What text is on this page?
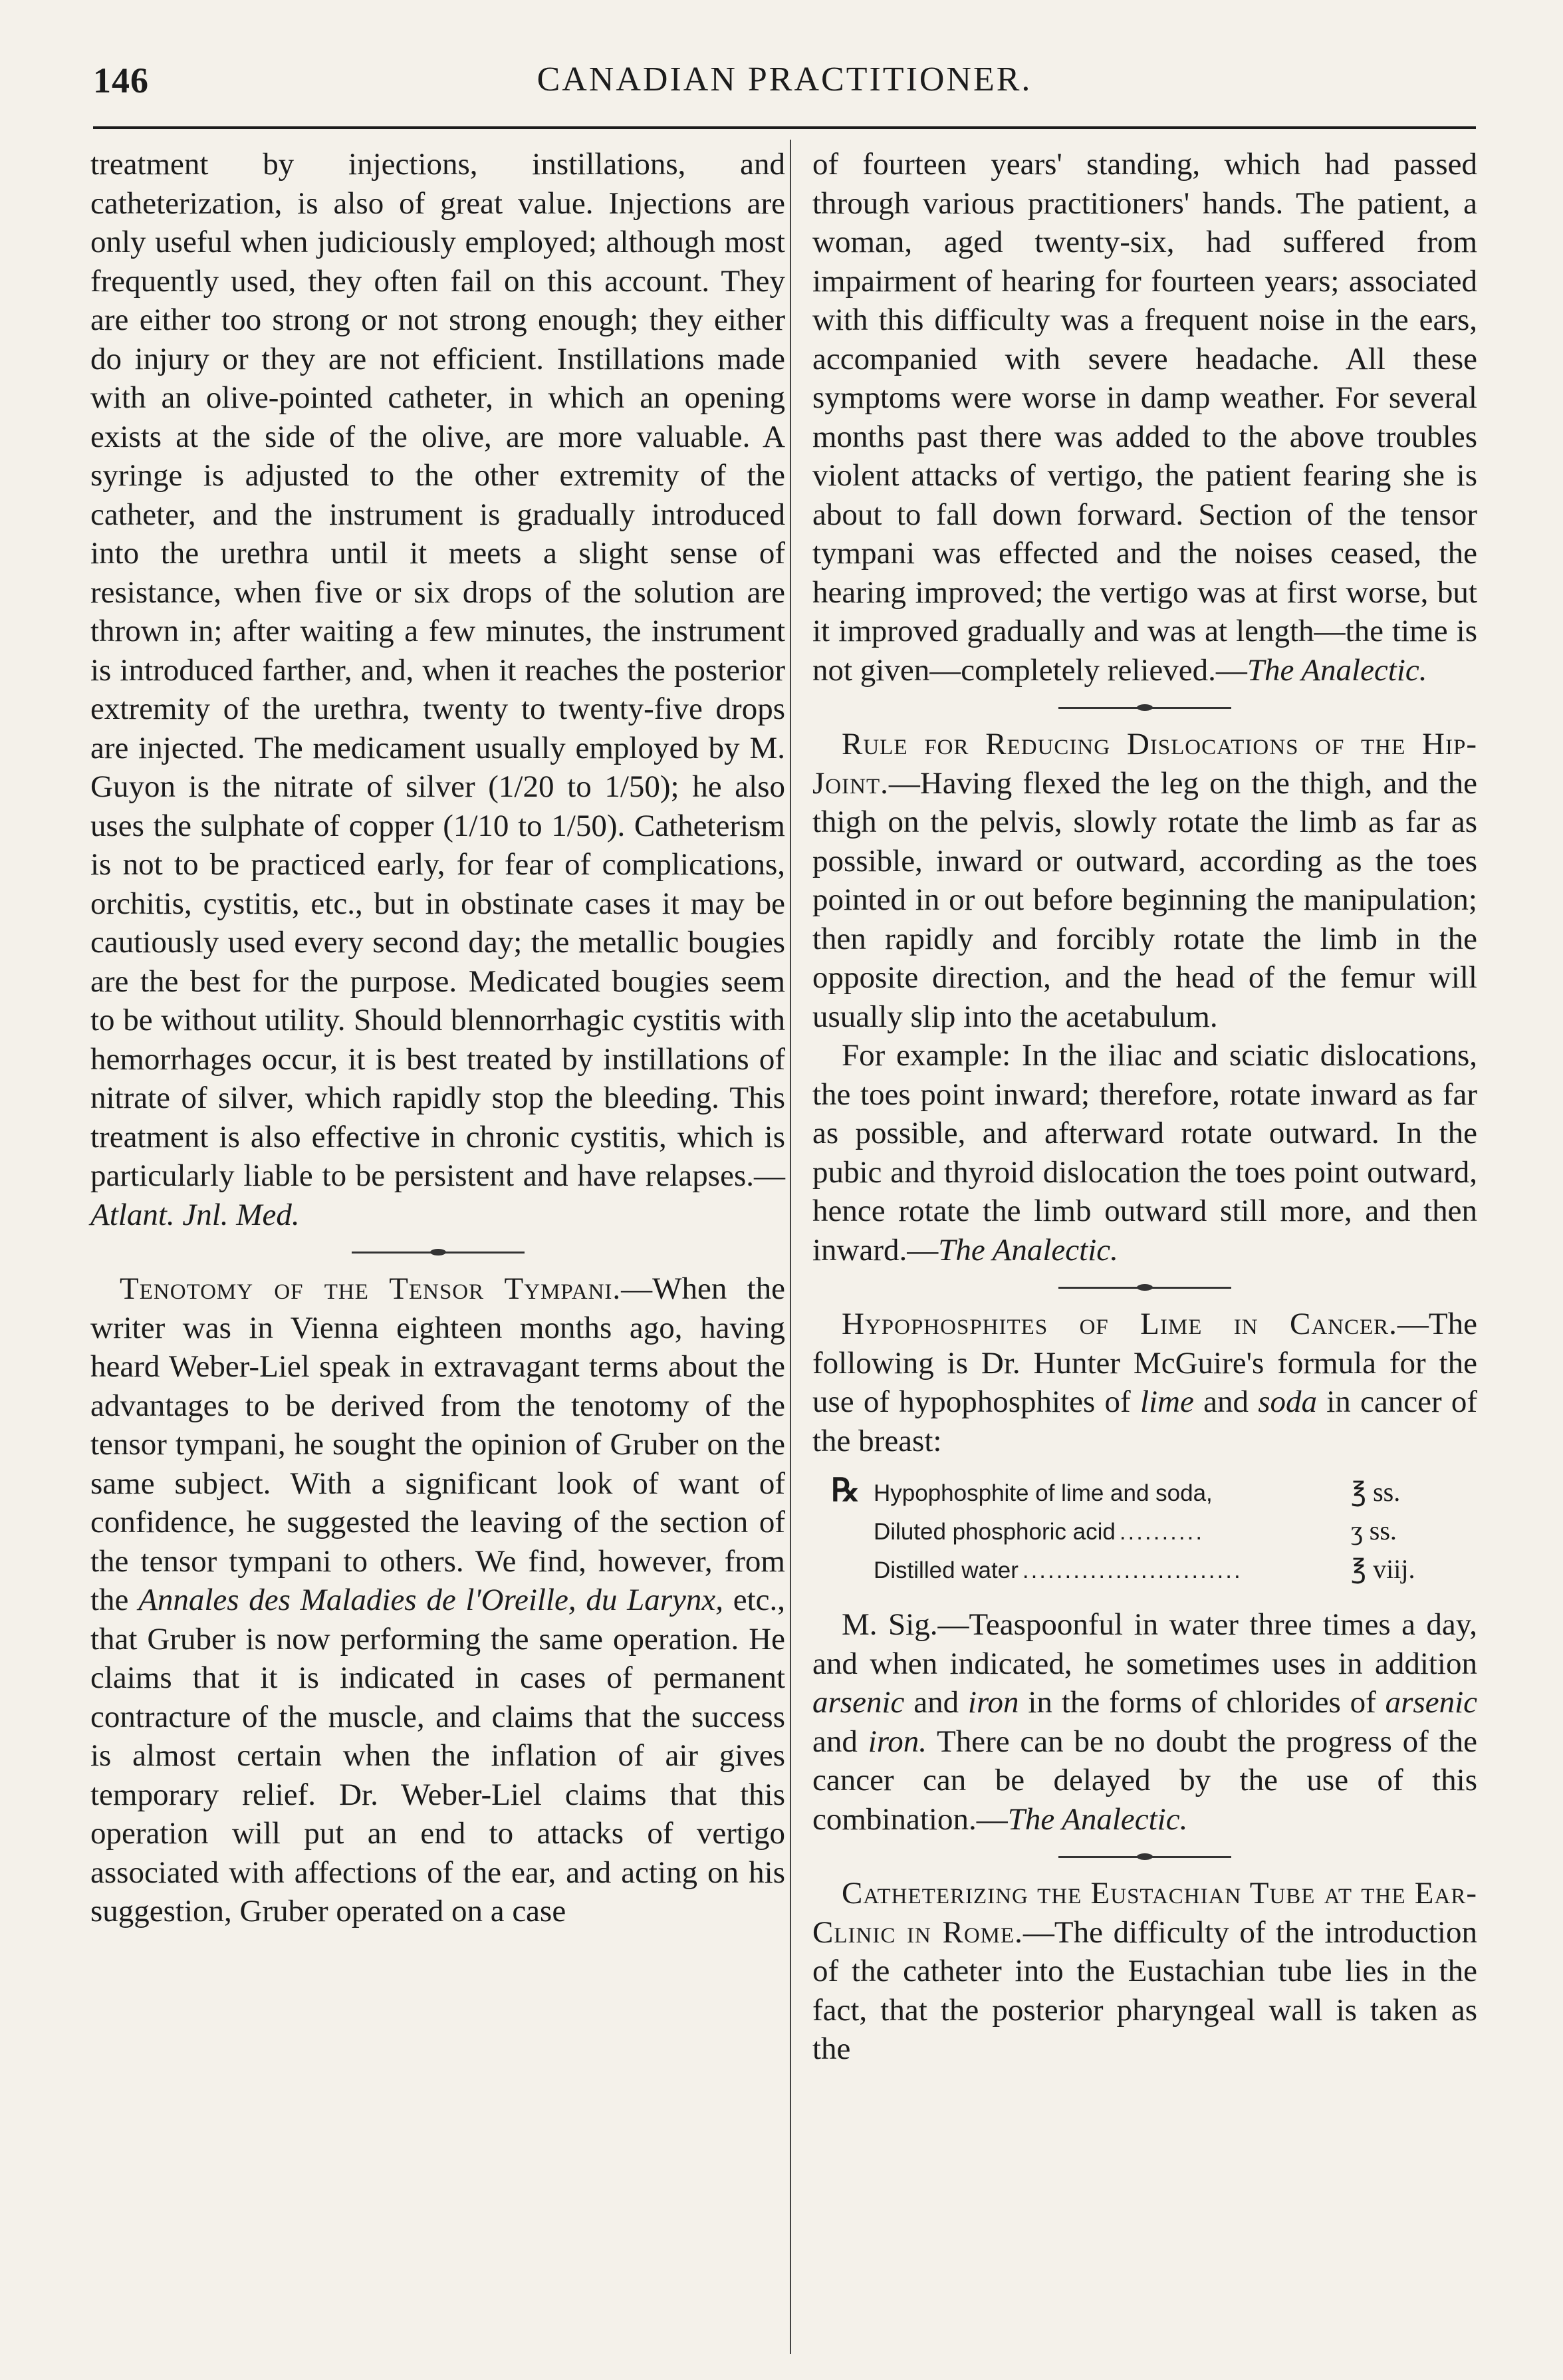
146	CANADIAN PRACTITIONER.

treatment by injections, instillations, and catheterization, is also of great value. Injections are only useful when judiciously employed; although most frequently used, they often fail on this account. They are either too strong or not strong enough; they either do injury or they are not efficient. Instillations made with an olive-pointed catheter, in which an opening exists at the side of the olive, are more valuable. A syringe is adjusted to the other extremity of the catheter, and the instrument is gradually introduced into the urethra until it meets a slight sense of resistance, when five or six drops of the solution are thrown in; after waiting a few minutes, the instrument is introduced farther, and, when it reaches the posterior extremity of the urethra, twenty to twenty-five drops are injected. The medicament usually employed by M. Guyon is the nitrate of silver (1/20 to 1/50); he also uses the sulphate of copper (1/10 to 1/50). Catheterism is not to be practiced early, for fear of complications, orchitis, cystitis, etc., but in obstinate cases it may be cautiously used every second day; the metallic bougies are the best for the purpose. Medicated bougies seem to be without utility. Should blennorrhagic cystitis with hemorrhages occur, it is best treated by instillations of nitrate of silver, which rapidly stop the bleeding. This treatment is also effective in chronic cystitis, which is particularly liable to be persistent and have relapses.—Atlant. Jnl. Med.

Tenotomy of the Tensor Tympani.—When the writer was in Vienna eighteen months ago, having heard Weber-Liel speak in extravagant terms about the advantages to be derived from the tenotomy of the tensor tympani, he sought the opinion of Gruber on the same subject. With a significant look of want of confidence, he suggested the leaving of the section of the tensor tympani to others. We find, however, from the Annales des Maladies de l'Oreille, du Larynx, etc., that Gruber is now performing the same operation. He claims that it is indicated in cases of permanent contracture of the muscle, and claims that the success is almost certain when the inflation of air gives temporary relief. Dr. Weber-Liel claims that this operation will put an end to attacks of vertigo associated with affections of the ear, and acting on his suggestion, Gruber operated on a case

of fourteen years' standing, which had passed through various practitioners' hands. The patient, a woman, aged twenty-six, had suffered from impairment of hearing for fourteen years; associated with this difficulty was a frequent noise in the ears, accompanied with severe headache. All these symptoms were worse in damp weather. For several months past there was added to the above troubles violent attacks of vertigo, the patient fearing she is about to fall down forward. Section of the tensor tympani was effected and the noises ceased, the hearing improved; the vertigo was at first worse, but it improved gradually and was at length—the time is not given—completely relieved.—The Analectic.

Rule for Reducing Dislocations of the Hip-Joint.—Having flexed the leg on the thigh, and the thigh on the pelvis, slowly rotate the limb as far as possible, inward or outward, according as the toes pointed in or out before beginning the manipulation; then rapidly and forcibly rotate the limb in the opposite direction, and the head of the femur will usually slip into the acetabulum.

For example: In the iliac and sciatic dislocations, the toes point inward; therefore, rotate inward as far as possible, and afterward rotate outward. In the pubic and thyroid dislocation the toes point outward, hence rotate the limb outward still more, and then inward.—The Analectic.

Hypophosphites of Lime in Cancer.—The following is Dr. Hunter McGuire's formula for the use of hypophosphites of lime and soda in cancer of the breast:

℞ Hypophosphite of lime and soda,	℥ ss.
Diluted phosphoric acid ..........	ʒ ss.
Distilled water ..........................	℥ viij.

M. Sig.—Teaspoonful in water three times a day, and when indicated, he sometimes uses in addition arsenic and iron in the forms of chlorides of arsenic and iron. There can be no doubt the progress of the cancer can be delayed by the use of this combination.—The Analectic.

Catheterizing the Eustachian Tube at the Ear-Clinic in Rome.—The difficulty of the introduction of the catheter into the Eustachian tube lies in the fact, that the posterior pharyngeal wall is taken as the
